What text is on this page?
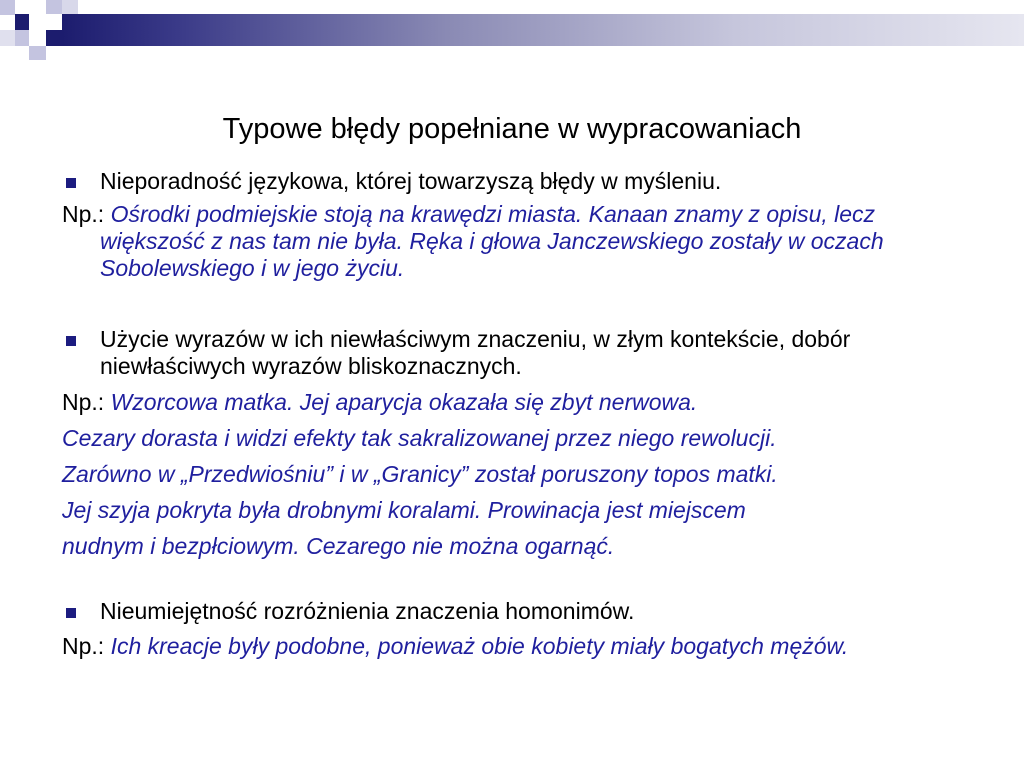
Typowe błędy popełniane w wypracowaniach
Nieporadność językowa, której towarzyszą błędy w myśleniu.
Np.: Ośrodki podmiejskie stoją na krawędzi miasta. Kanaan znamy z opisu, lecz większość z nas tam nie była. Ręka i głowa Janczewskiego zostały w oczach Sobolewskiego i w jego życiu.
Użycie wyrazów w ich niewłaściwym znaczeniu, w złym kontekście, dobór niewłaściwych wyrazów bliskoznacznych.
Np.: Wzorcowa matka. Jej aparycja okazała się zbyt nerwowa.
Cezary dorasta i widzi efekty tak sakralizowanej przez niego rewolucji.
Zarówno w „Przedwiośniu” i w „Granicy” został poruszony topos matki.
Jej szyja pokryta była drobnymi koralami. Prowinacja jest miejscem
nudnym i bezpłciowym. Cezarego nie można ogarnąć.
Nieumiejętność rozróżnienia znaczenia homonimów.
Np.: Ich kreacje były podobne, ponieważ obie kobiety miały bogatych mężów.
